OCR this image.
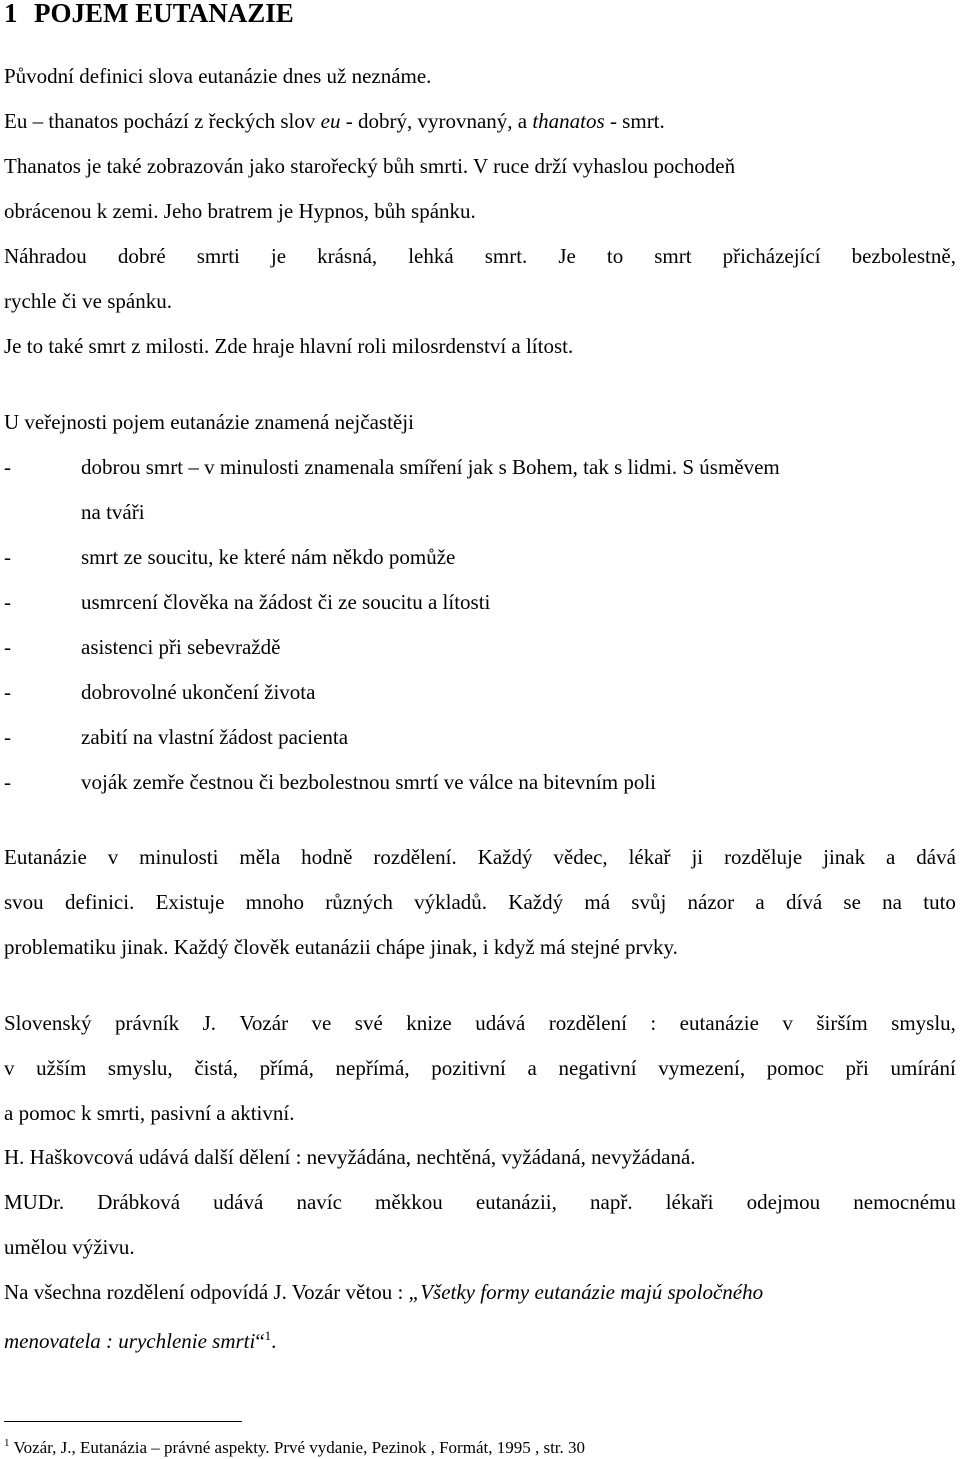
1 POJEM EUTANAZIE
Původní definici slova eutanázie dnes už neznáme.
Eu – thanatos pochází z řeckých slov eu - dobrý, vyrovnaný, a thanatos - smrt.
Thanatos je také zobrazován jako starořecký bůh smrti. V ruce drží vyhaslou pochodeň
obrácenou k zemi. Jeho bratrem je Hypnos, bůh spánku.
Náhradou dobré smrti je krásná, lehká smrt. Je to smrt přicházející bezbolestně,
rychle či ve spánku.
Je to také smrt z milosti. Zde hraje hlavní roli milosrdenství a lítost.
U veřejnosti pojem eutanázie znamená nejčastěji
-	dobrou smrt – v minulosti znamenala smíření jak s Bohem, tak s lidmi. S úsměvem
na tváři
-	smrt ze soucitu, ke které nám někdo pomůže
-	usmrcení člověka na žádost či ze soucitu a lítosti
-	asistenci při sebevraždě
-	dobrovolné ukončení života
-	zabití na vlastní žádost pacienta
-	voják zemře čestnou či bezbolestnou smrtí ve válce na bitevním poli
Eutanázie v minulosti měla hodně rozdělení. Každý vědec, lékař ji rozděluje jinak a dává
svou definici. Existuje mnoho různých výkladů. Každý má svůj názor a dívá se na tuto
problematiku jinak. Každý člověk eutanázii chápe jinak, i když má stejné prvky.
Slovenský právník J. Vozár ve své knize udává rozdělení : eutanázie v širším smyslu,
v užším smyslu, čistá, přímá, nepřímá, pozitivní a negativní vymezení, pomoc při umírání
a pomoc k smrti, pasivní a aktivní.
H. Haškovcová udává další dělení : nevyžádána, nechtěná, vyžádaná, nevyžádaná.
MUDr. Drábková udává navíc měkkou eutanázii, např. lékaři odejmou nemocnému
umělou výživu.
Na všechna rozdělení odpovídá J. Vozár větou : „Všetky formy eutanázie majú spoločného
menovatela : urychlenie smrti“$^1$.
$^1$ Vozár, J., Eutanázia – právné aspekty. Prvé vydanie, Pezinok , Formát, 1995 , str. 30
